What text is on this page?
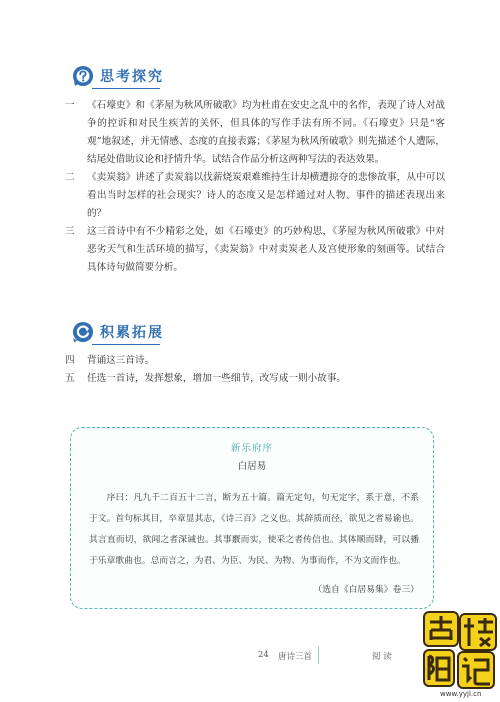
思考探究
一	《石壕吏》和《茅屋为秋风所破歌》均为杜甫在安史之乱中的名作，表现了诗人对战争的控诉和对民生疾苦的关怀，但具体的写作手法有所不同。《石壕吏》只是“客观”地叙述，并无情感、态度的直接表露；《茅屋为秋风所破歌》则先描述个人遭际，结尾处借助议论和抒情升华。试结合作品分析这两种写法的表达效果。
二	《卖炭翁》讲述了卖炭翁以伐薪烧炭艰难维持生计却横遭掠夺的悲惨故事，从中可以看出当时怎样的社会现实？诗人的态度又是怎样通过对人物、事件的描述表现出来的？
三	这三首诗中有不少精彩之处，如《石壕吏》的巧妙构思，《茅屋为秋风所破歌》中对恶劣天气和生活环境的描写，《卖炭翁》中对卖炭老人及宫使形象的刻画等。试结合具体诗句做简要分析。
积累拓展
四	背诵这三首诗。
五	任选一首诗，发挥想象，增加一些细节，改写成一则小故事。
新乐府序
白居易
序曰：凡九千二百五十二言，断为五十篇。篇无定句，句无定字，系于意，不系于文。首句标其目，卒章显其志，《诗三百》之义也。其辞质而径，欲见之者易谕也。其言直而切，欲闻之者深诫也。其事覈而实，使采之者传信也。其体顺而肆，可以播于乐章歌曲也。总而言之，为君、为臣、为民、为物、为事而作，不为文而作也。
（选自《白居易集》卷三）
24 唐诗三首	阅 读
www.yyjl.cn
